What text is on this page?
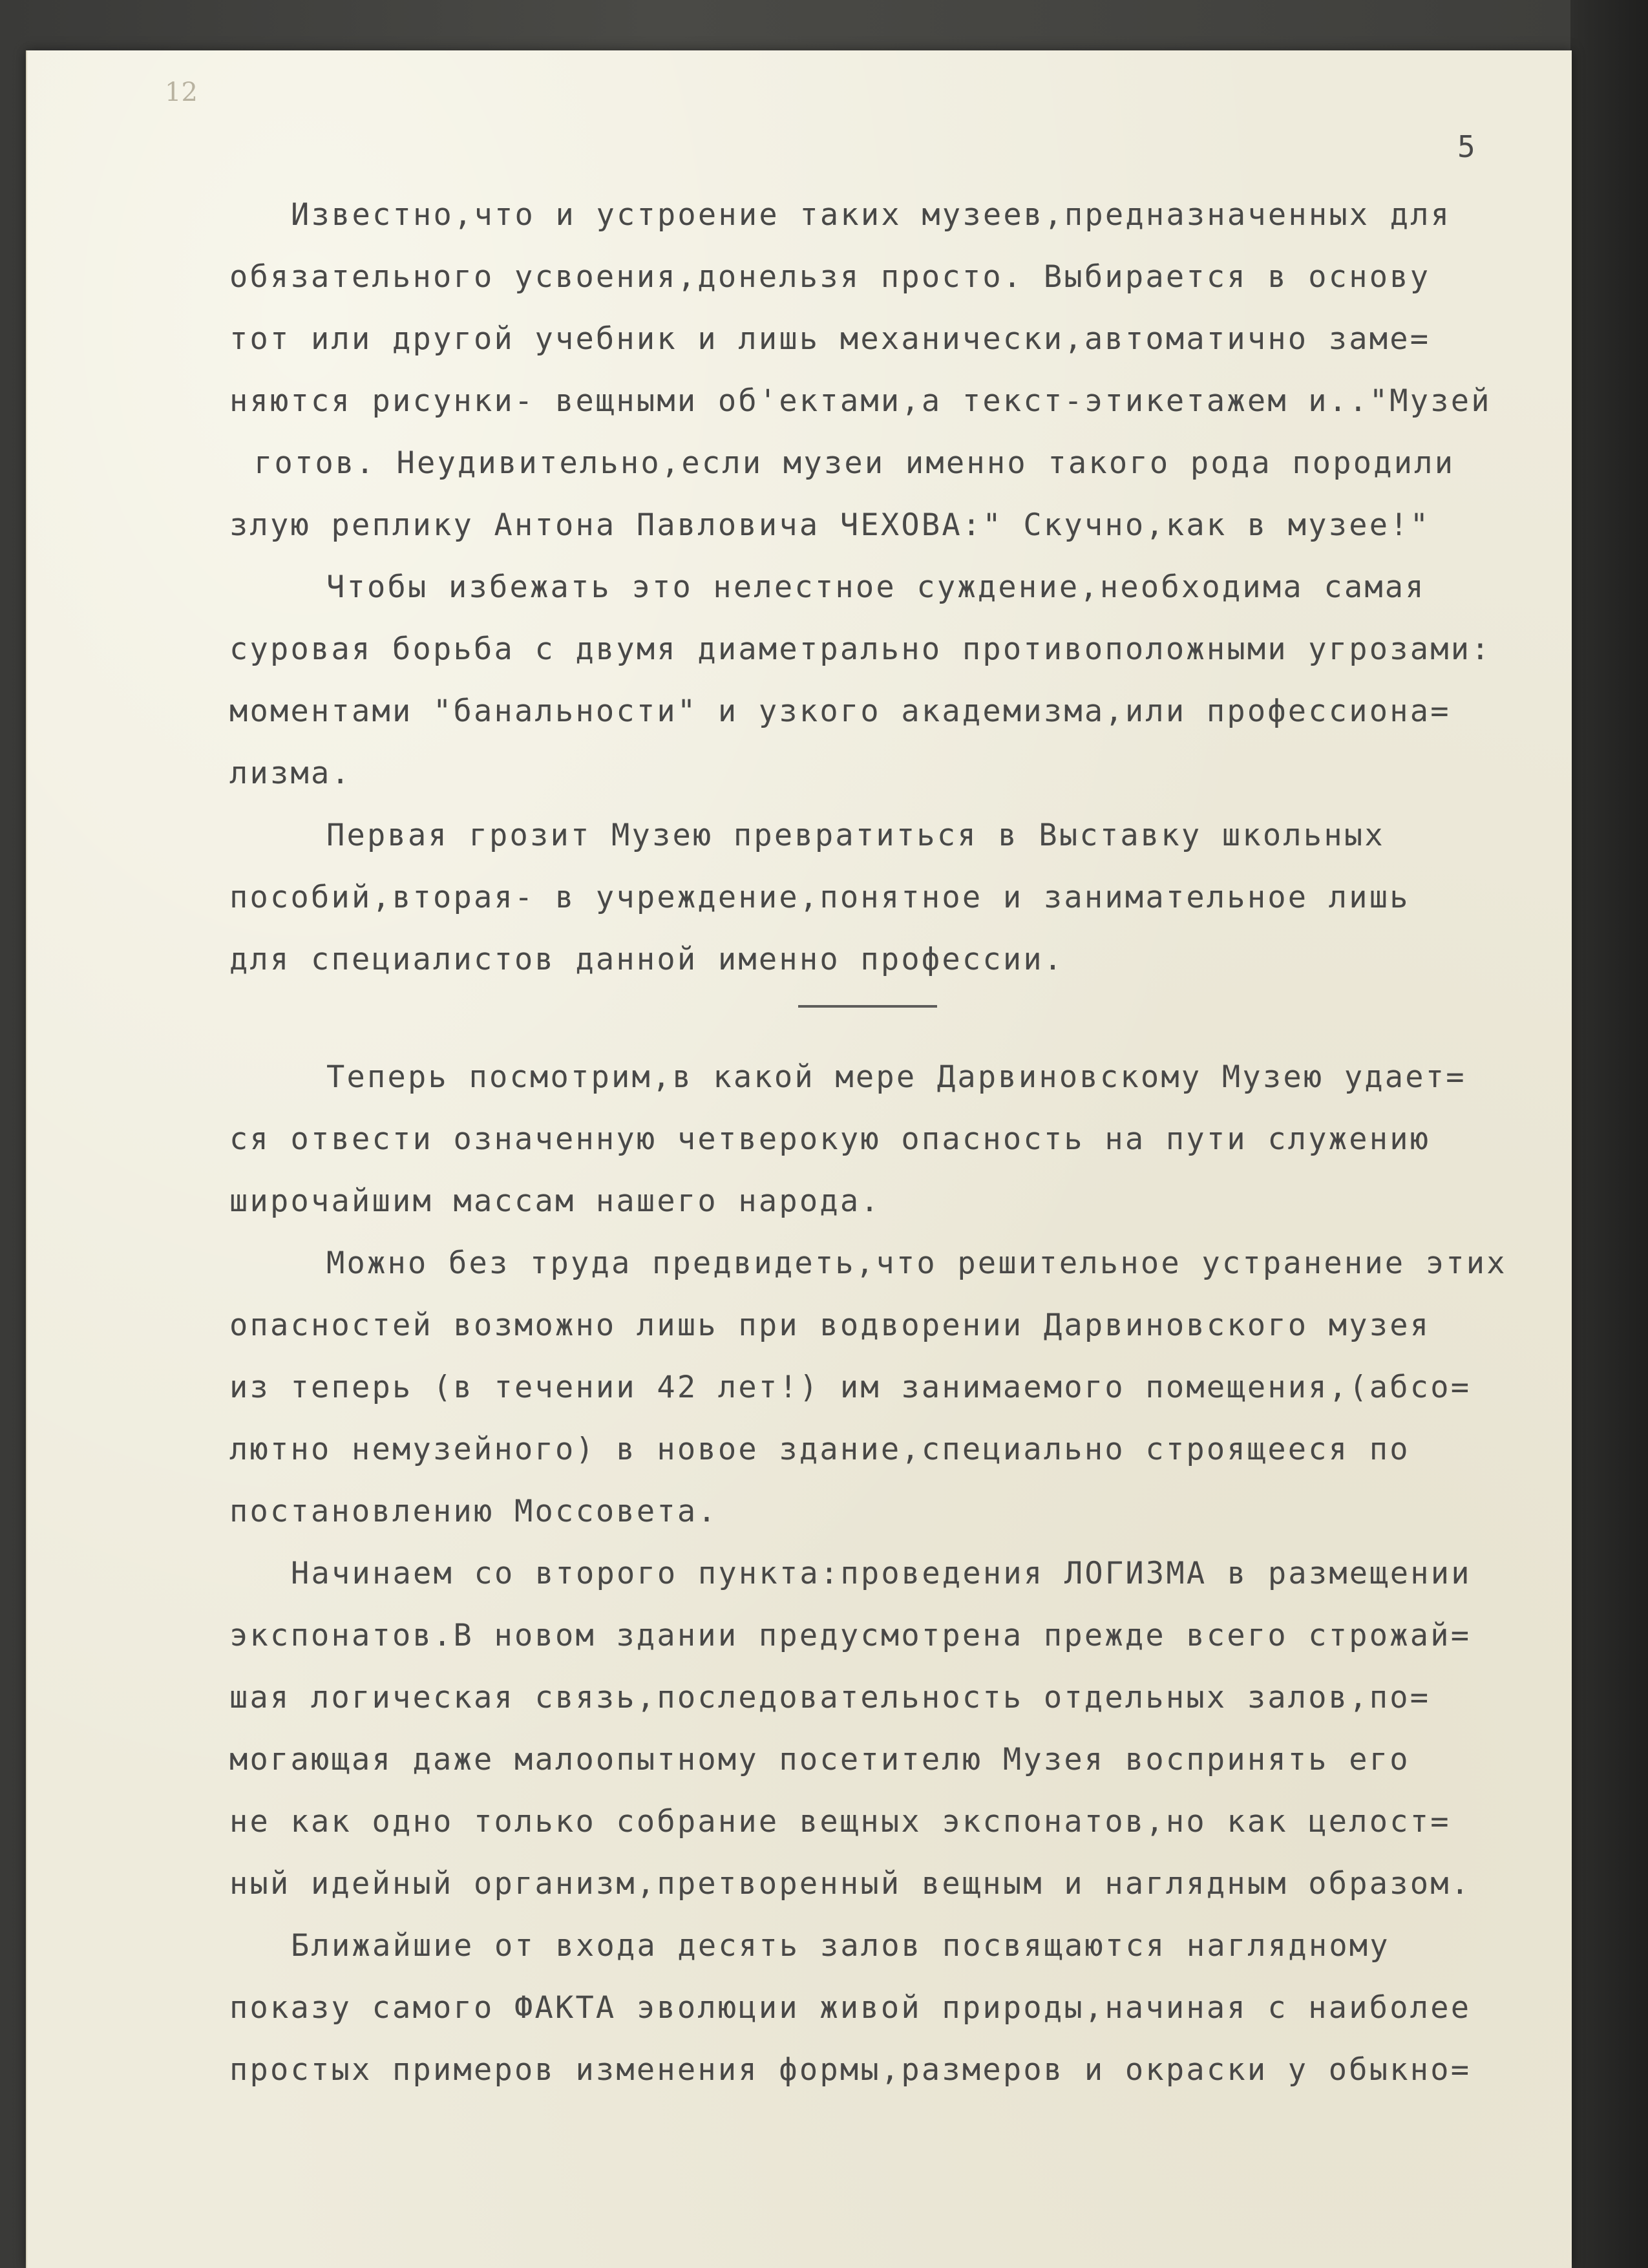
12
5
Известно,что и устроение таких музеев,предназначенных для
обязательного усвоения,донельзя просто. Выбирается в основу
тот или другой учебник и лишь механически,автоматично заме=
няются рисунки- вещными об'ектами,а текст-этикетажем и.."Музей
готов. Неудивительно,если музеи именно такого рода породили
злую реплику Антона Павловича ЧЕХОВА:" Скучно,как в музее!"
Чтобы избежать это нелестное суждение,необходима самая
суровая борьба с двумя диаметрально противоположными угрозами:
моментами "банальности" и узкого академизма,или профессиона=
лизма.
Первая грозит Музею превратиться в Выставку школьных
пособий,вторая- в учреждение,понятное и занимательное лишь
для специалистов данной именно профессии.
Теперь посмотрим,в какой мере Дарвиновскому Музею удает=
ся отвести означенную четверокую опасность на пути служению
широчайшим массам нашего народа.
Можно без труда предвидеть,что решительное устранение этих
опасностей возможно лишь при водворении Дарвиновского музея
из теперь (в течении 42 лет!) им занимаемого помещения,(абсо=
лютно немузейного) в новое здание,специально строящееся по
постановлению Моссовета.
Начинаем со второго пункта:проведения ЛОГИЗМА в размещении
экспонатов.В новом здании предусмотрена прежде всего строжай=
шая логическая связь,последовательность отдельных залов,по=
могающая даже малоопытному посетителю Музея воспринять его
не как одно только собрание вещных экспонатов,но как целост=
ный идейный организм,претворенный вещным и наглядным образом.
Ближайшие от входа десять залов посвящаются наглядному
показу самого ФАКТА эволюции живой природы,начиная с наиболее
простых примеров изменения формы,размеров и окраски у обыкно=
